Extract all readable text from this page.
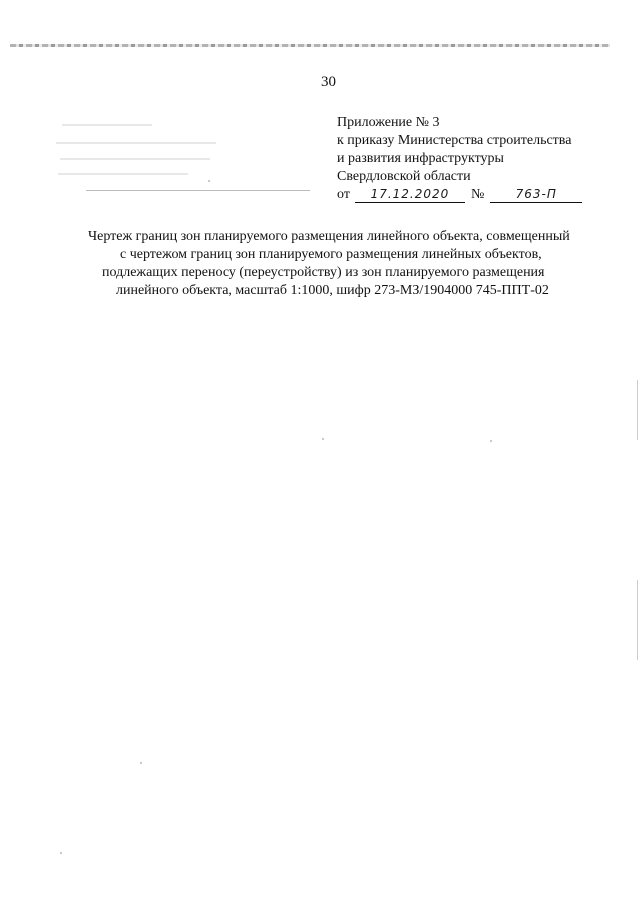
30
Приложение № 3
к приказу Министерства строительства
и развития инфраструктуры
Свердловской области
от	17.12.2020	№	763-П
Чертеж границ зон планируемого размещения линейного объекта, совмещенный
с чертежом границ зон планируемого размещения линейных объектов,
подлежащих переносу (переустройству) из зон планируемого размещения
линейного объекта, масштаб 1:1000, шифр 273-МЗ/1904000 745-ППТ-02
